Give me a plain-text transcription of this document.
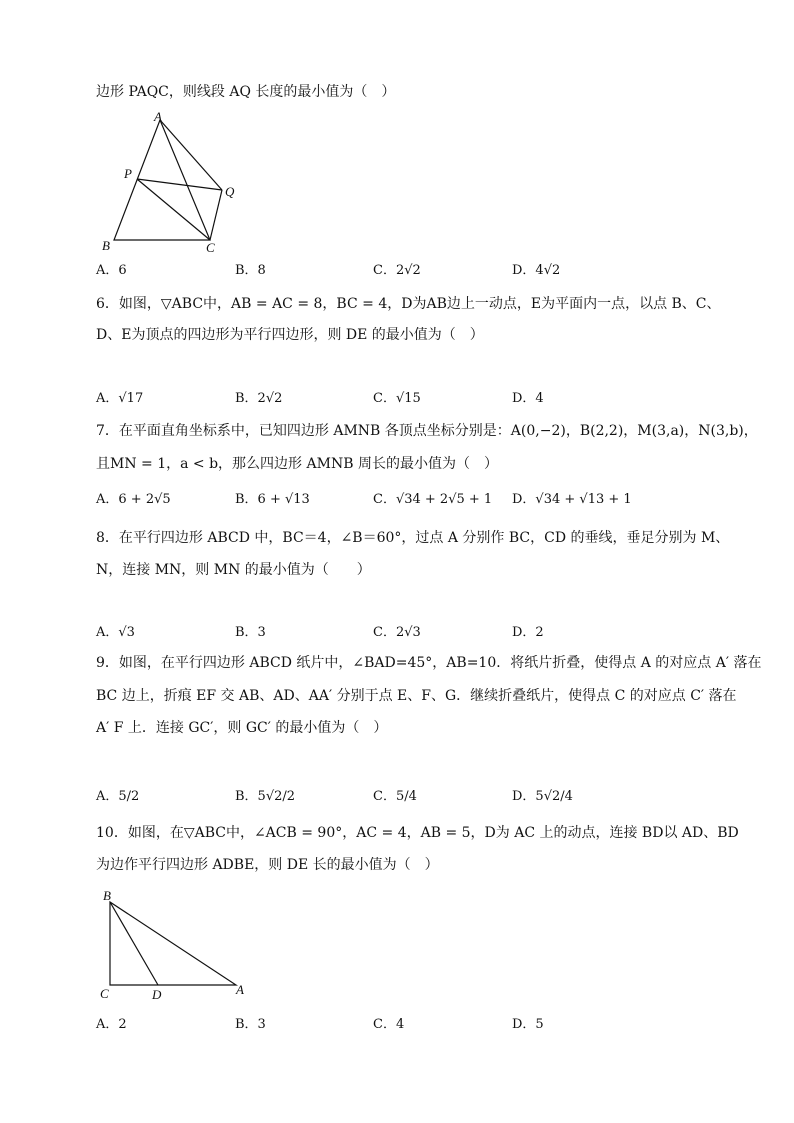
边形 PAQC，则线段 AQ 长度的最小值为（　）
A
P
Q
B	C
A．6	B．8	C．2√2	D．4√2
6．如图，▽ABC中，AB = AC = 8，BC = 4，D为AB边上一动点，E为平面内一点，以点 B、C、
D、E为顶点的四边形为平行四边形，则 DE 的最小值为（　）
A．√17	B．2√2	C．√15	D．4
7．在平面直角坐标系中，已知四边形 AMNB 各顶点坐标分别是：A(0,−2)，B(2,2)，M(3,a)，N(3,b)，
且MN = 1，a < b，那么四边形 AMNB 周长的最小值为（　）
A．6 + 2√5	B．6 + √13	C．√34 + 2√5 + 1 D．√34 + √13 + 1
8．在平行四边形 ABCD 中，BC＝4，∠B＝60°，过点 A 分别作 BC，CD 的垂线，垂足分别为 M、
N，连接 MN，则 MN 的最小值为（　　）
A．√3	B．3	C．2√3	D．2
9．如图，在平行四边形 ABCD 纸片中，∠BAD=45°，AB=10．将纸片折叠，使得点 A 的对应点 A′ 落在
BC 边上，折痕 EF 交 AB、AD、AA′ 分别于点 E、F、G．继续折叠纸片，使得点 C 的对应点 C′ 落在
A′ F 上．连接 GC′，则 GC′ 的最小值为（　）
A．5/2	B．5√2/2	C．5/4	D．5√2/4
10．如图，在▽ABC中，∠ACB = 90°，AC = 4，AB = 5，D为 AC 上的动点，连接 BD以 AD、BD
为边作平行四边形 ADBE，则 DE 长的最小值为（　）
B
C	D	A
A．2	B．3	C．4	D．5
